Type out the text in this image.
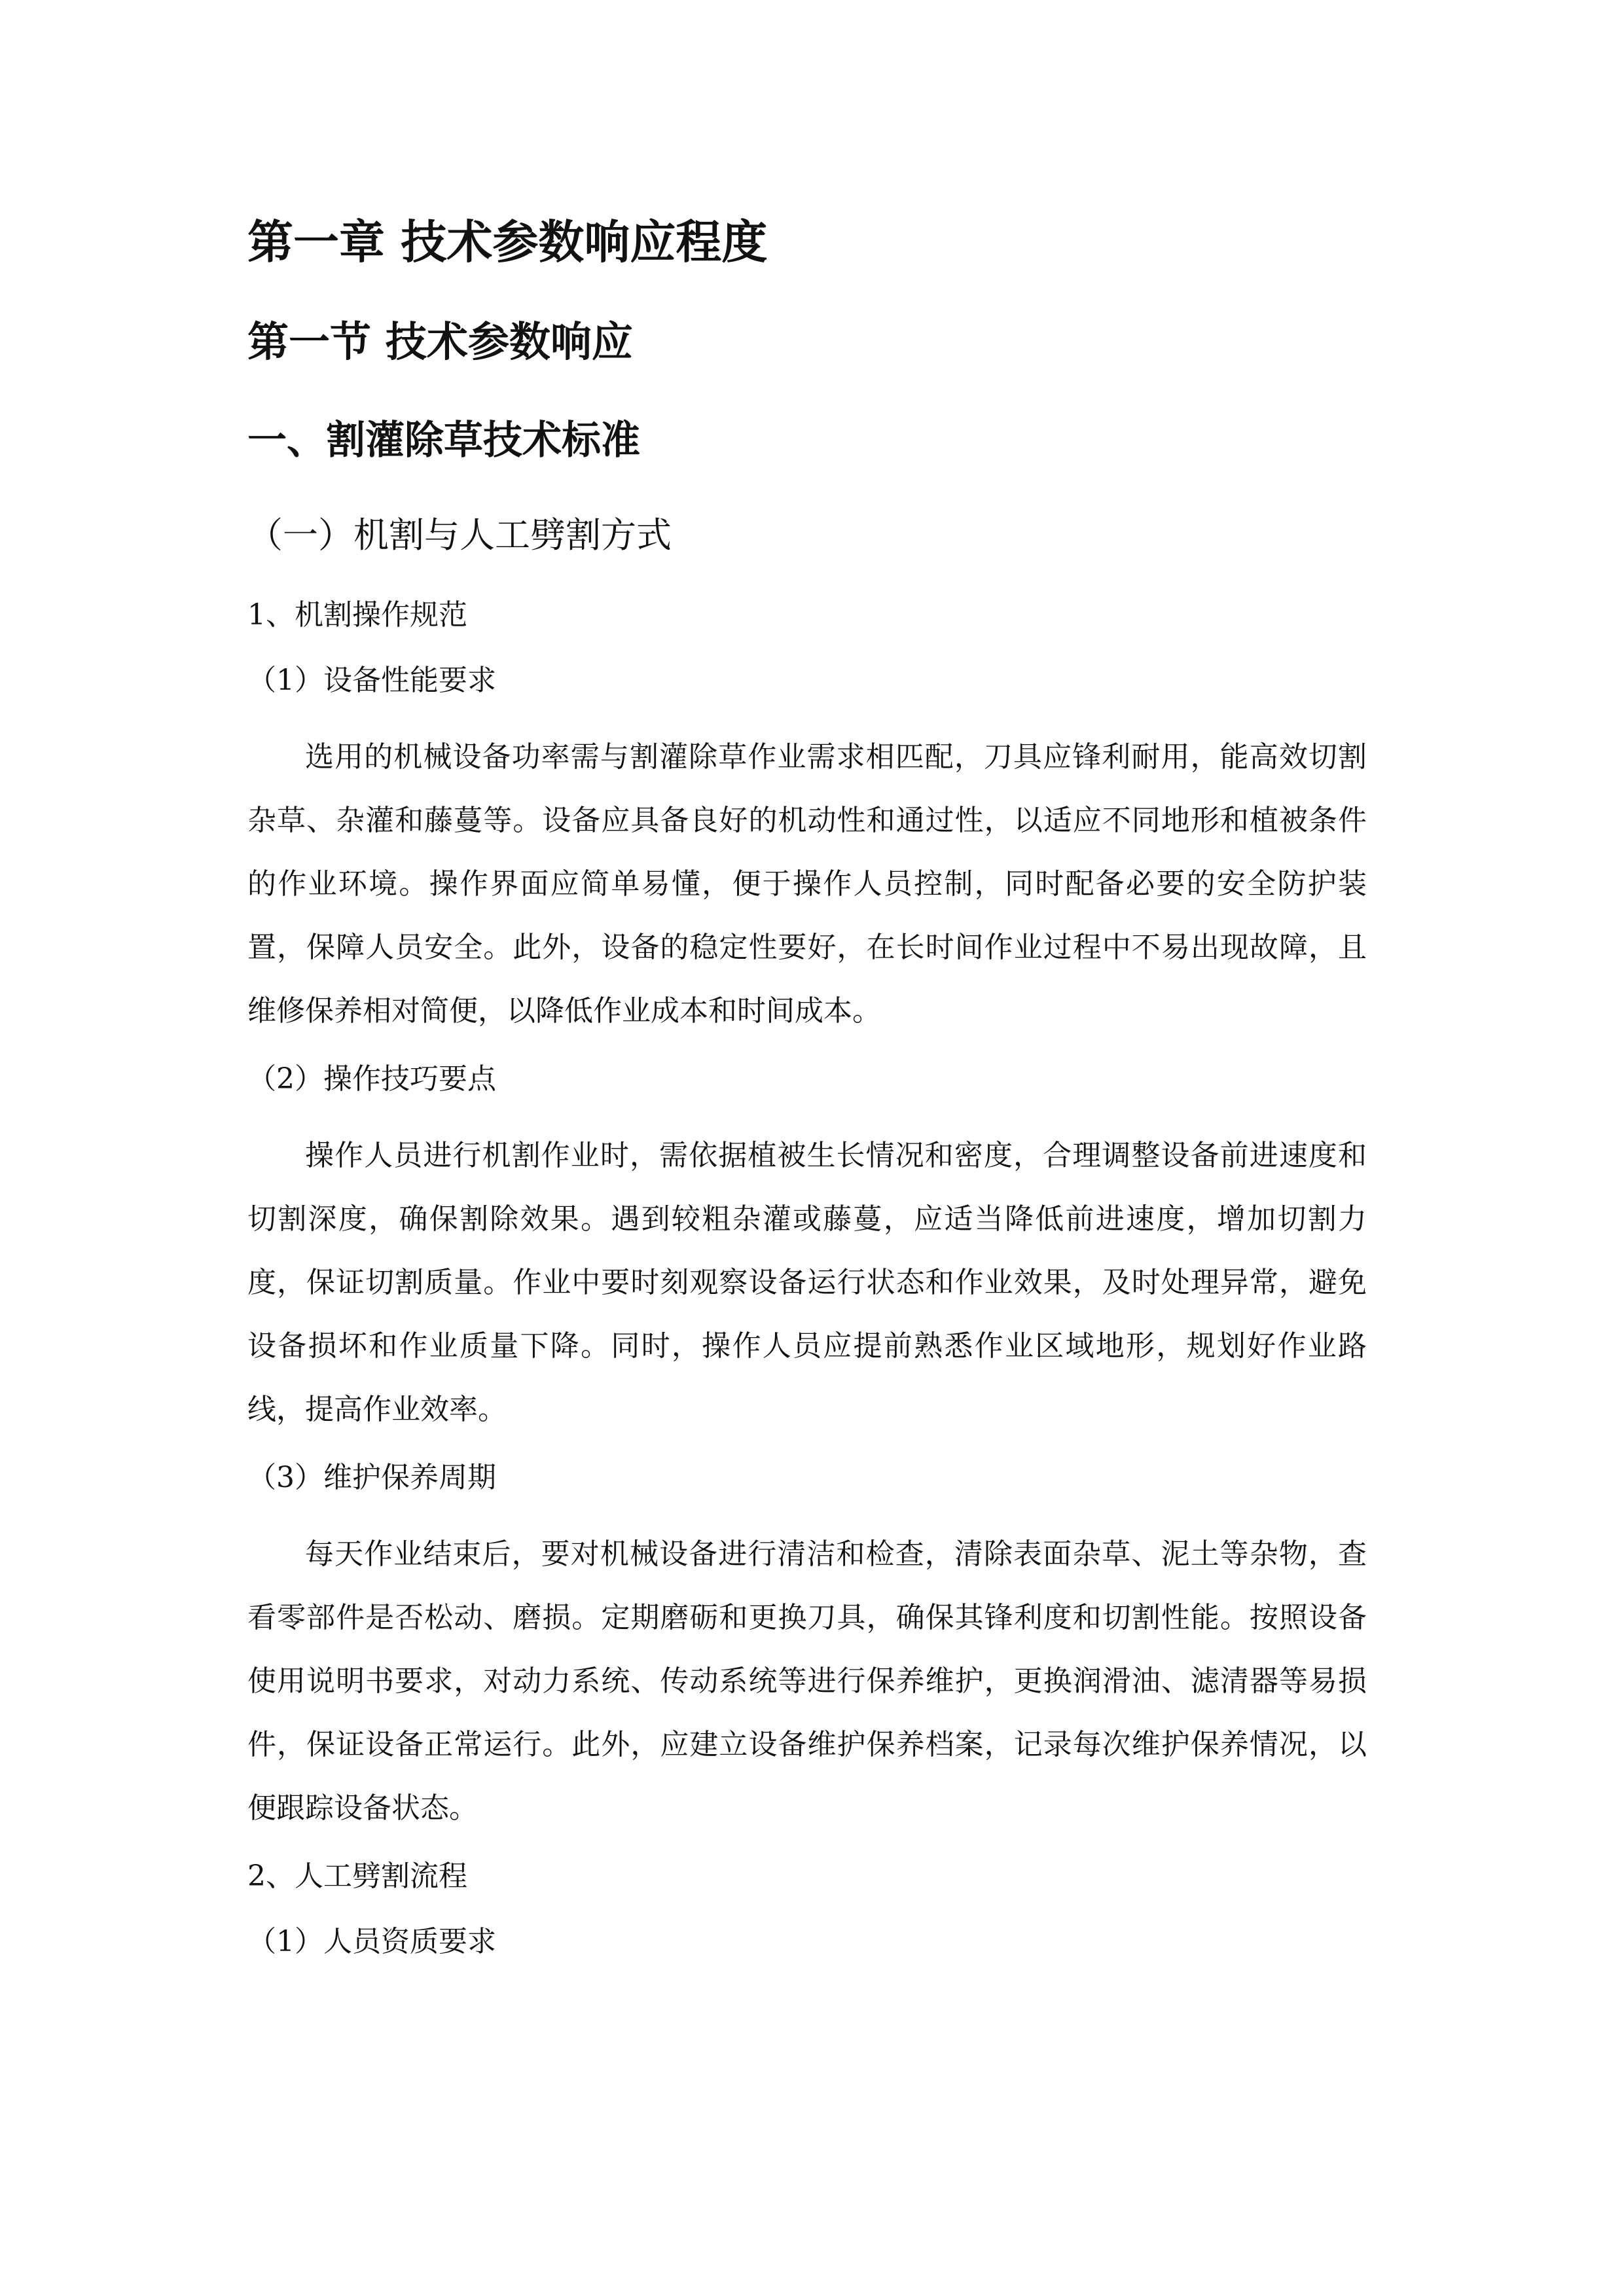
第一章 技术参数响应程度
第一节 技术参数响应
一、割灌除草技术标准
（一）机割与人工劈割方式
1、机割操作规范
（1）设备性能要求

选用的机械设备功率需与割灌除草作业需求相匹配，刀具应锋利耐用，能高效切割杂草、杂灌和藤蔓等。设备应具备良好的机动性和通过性，以适应不同地形和植被条件的作业环境。操作界面应简单易懂，便于操作人员控制，同时配备必要的安全防护装置，保障人员安全。此外，设备的稳定性要好，在长时间作业过程中不易出现故障，且维修保养相对简便，以降低作业成本和时间成本。

（2）操作技巧要点

操作人员进行机割作业时，需依据植被生长情况和密度，合理调整设备前进速度和切割深度，确保割除效果。遇到较粗杂灌或藤蔓，应适当降低前进速度，增加切割力度，保证切割质量。作业中要时刻观察设备运行状态和作业效果，及时处理异常，避免设备损坏和作业质量下降。同时，操作人员应提前熟悉作业区域地形，规划好作业路线，提高作业效率。

（3）维护保养周期

每天作业结束后，要对机械设备进行清洁和检查，清除表面杂草、泥土等杂物，查看零部件是否松动、磨损。定期磨砺和更换刀具，确保其锋利度和切割性能。按照设备使用说明书要求，对动力系统、传动系统等进行保养维护，更换润滑油、滤清器等易损件，保证设备正常运行。此外，应建立设备维护保养档案，记录每次维护保养情况，以便跟踪设备状态。

2、人工劈割流程
（1）人员资质要求
